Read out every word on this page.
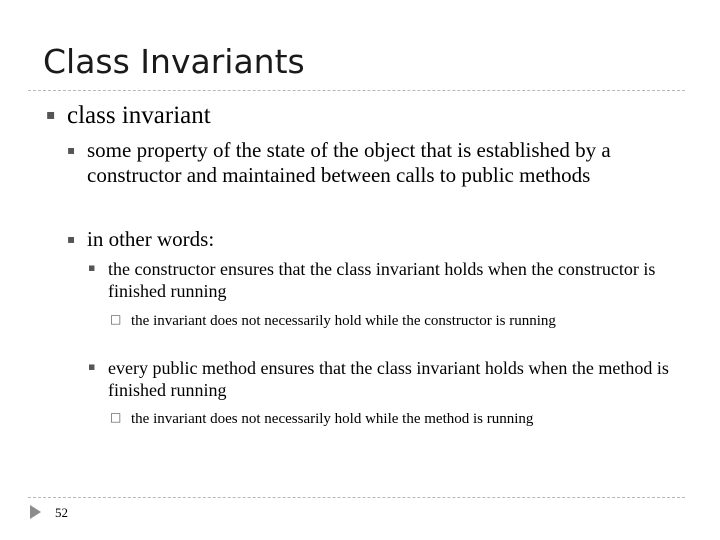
Class Invariants
▪ class invariant
▪ some property of the state of the object that is established by a constructor and maintained between calls to public methods
▪ in other words:
▪ the constructor ensures that the class invariant holds when the constructor is finished running
□ the invariant does not necessarily hold while the constructor is running
▪ every public method ensures that the class invariant holds when the method is finished running
□ the invariant does not necessarily hold while the method is running
52
